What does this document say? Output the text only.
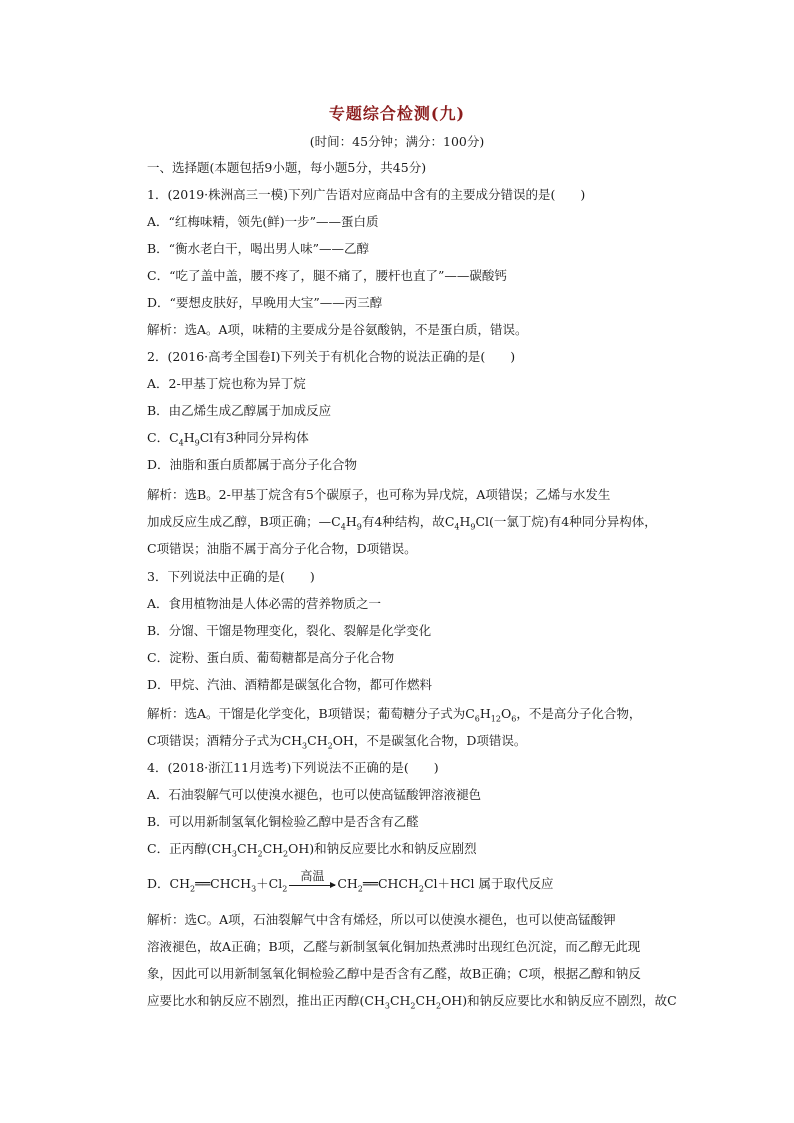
专题综合检测(九)
(时间：45分钟；满分：100分)
一、选择题(本题包括9小题，每小题5分，共45分)
1．(2019·株洲高三一模)下列广告语对应商品中含有的主要成分错误的是(　　)
A．“红梅味精，领先(鲜)一步”——蛋白质
B．“衡水老白干，喝出男人味”——乙醇
C．“吃了盖中盖，腰不疼了，腿不痛了，腰杆也直了”——碳酸钙
D．“要想皮肤好，早晚用大宝”——丙三醇
解析：选A。A项，味精的主要成分是谷氨酸钠，不是蛋白质，错误。
2．(2016·高考全国卷Ⅰ)下列关于有机化合物的说法正确的是(　　)
A．2-甲基丁烷也称为异丁烷
B．由乙烯生成乙醇属于加成反应
C．$C_4H_9Cl$有3种同分异构体
D．油脂和蛋白质都属于高分子化合物
解析：选B。2-甲基丁烷含有5个碳原子，也可称为异戊烷，A项错误；乙烯与水发生
加成反应生成乙醇，B项正确；$—C_4H_9$有4种结构，故$C_4H_9Cl$(一氯丁烷)有4种同分异构体，
C项错误；油脂不属于高分子化合物，D项错误。
3．下列说法中正确的是(　　)
A．食用植物油是人体必需的营养物质之一
B．分馏、干馏是物理变化，裂化、裂解是化学变化
C．淀粉、蛋白质、葡萄糖都是高分子化合物
D．甲烷、汽油、酒精都是碳氢化合物，都可作燃料
解析：选A。干馏是化学变化，B项错误；葡萄糖分子式为$C_6H_{12}O_6$，不是高分子化合物，
C项错误；酒精分子式为$CH_3CH_2OH$，不是碳氢化合物，D项错误。
4．(2018·浙江11月选考)下列说法不正确的是(　　)
A．石油裂解气可以使溴水褪色，也可以使高锰酸钾溶液褪色
B．可以用新制氢氧化铜检验乙醇中是否含有乙醛
C．正丙醇$(CH_3CH_2CH_2OH)$和钠反应要比水和钠反应剧烈
D．$CH_2══CHCH_3+Cl_2$
高温	$CH_2══CHCH_2Cl+HCl$ 属于取代反应
解析：选C。A项，石油裂解气中含有烯烃，所以可以使溴水褪色，也可以使高锰酸钾
溶液褪色，故A正确；B项，乙醛与新制氢氧化铜加热煮沸时出现红色沉淀，而乙醇无此现
象，因此可以用新制氢氧化铜检验乙醇中是否含有乙醛，故B正确；C项，根据乙醇和钠反
应要比水和钠反应不剧烈，推出正丙醇$(CH_3CH_2CH_2OH)$和钠反应要比水和钠反应不剧烈，故C
